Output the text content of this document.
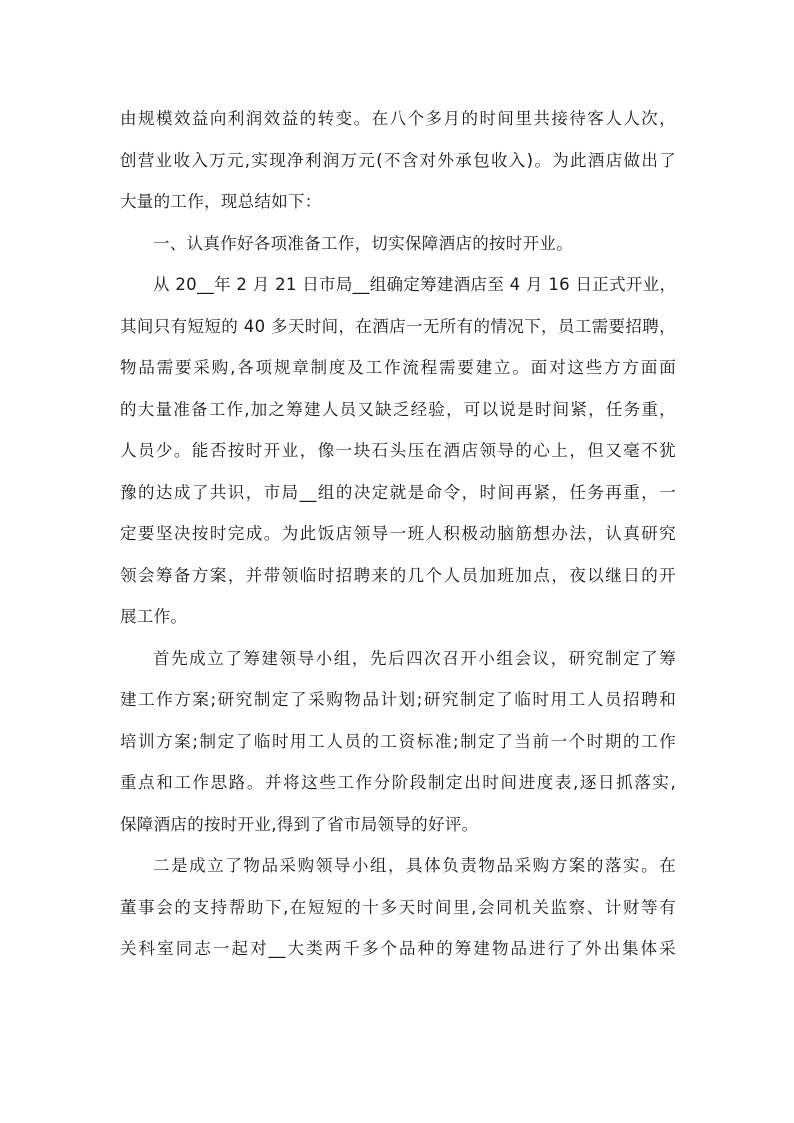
由规模效益向利润效益的转变。在八个多月的时间里共接待客人人次，
创营业收入万元,实现净利润万元(不含对外承包收入)。为此酒店做出了
大量的工作，现总结如下：
一、认真作好各项准备工作，切实保障酒店的按时开业。
从 20__年 2 月 21 日市局__组确定筹建酒店至 4 月 16 日正式开业，
其间只有短短的 40 多天时间，在酒店一无所有的情况下，员工需要招聘，
物品需要采购,各项规章制度及工作流程需要建立。面对这些方方面面
的大量准备工作,加之筹建人员又缺乏经验，可以说是时间紧，任务重，
人员少。能否按时开业，像一块石头压在酒店领导的心上，但又毫不犹
豫的达成了共识，市局__组的决定就是命令，时间再紧，任务再重，一
定要坚决按时完成。为此饭店领导一班人积极动脑筋想办法，认真研究
领会筹备方案，并带领临时招聘来的几个人员加班加点，夜以继日的开
展工作。
首先成立了筹建领导小组，先后四次召开小组会议，研究制定了筹
建工作方案;研究制定了采购物品计划;研究制定了临时用工人员招聘和
培训方案;制定了临时用工人员的工资标准;制定了当前一个时期的工作
重点和工作思路。并将这些工作分阶段制定出时间进度表,逐日抓落实,
保障酒店的按时开业,得到了省市局领导的好评。
二是成立了物品采购领导小组，具体负责物品采购方案的落实。在
董事会的支持帮助下,在短短的十多天时间里,会同机关监察、计财等有
关科室同志一起对__大类两千多个品种的筹建物品进行了外出集体采
